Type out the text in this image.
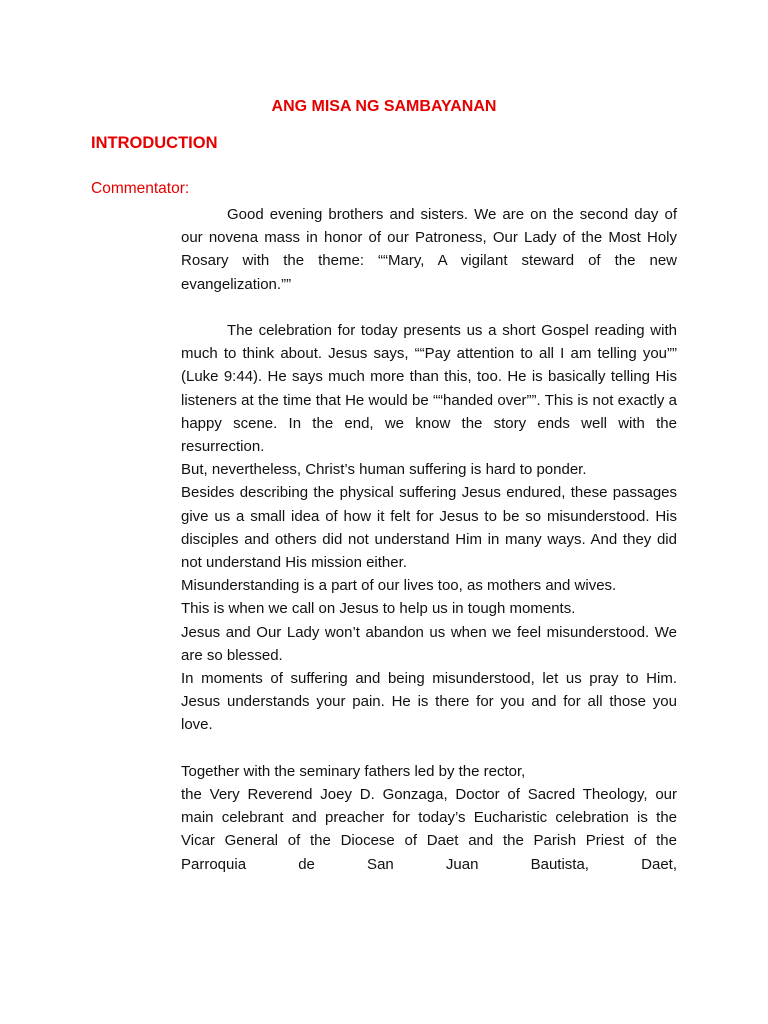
ANG MISA NG SAMBAYANAN
INTRODUCTION
Commentator:

Good evening brothers and sisters. We are on the second day of our novena mass in honor of our Patroness, Our Lady of the Most Holy Rosary with the theme: ““Mary, A vigilant steward of the new evangelization.””

The celebration for today presents us a short Gospel reading with much to think about. Jesus says, ““Pay attention to all I am telling you”” (Luke 9:44). He says much more than this, too. He is basically telling His listeners at the time that He would be ““handed over””. This is not exactly a happy scene. In the end, we know the story ends well with the resurrection.

But, nevertheless, Christ’s human suffering is hard to ponder.

Besides describing the physical suffering Jesus endured, these passages give us a small idea of how it felt for Jesus to be so misunderstood. His disciples and others did not understand Him in many ways. And they did not understand His mission either.

Misunderstanding is a part of our lives too, as mothers and wives.

This is when we call on Jesus to help us in tough moments.

Jesus and Our Lady won’t abandon us when we feel misunderstood. We are so blessed.

In moments of suffering and being misunderstood, let us pray to Him. Jesus understands your pain. He is there for you and for all those you love.

Together with the seminary fathers led by the rector,

the Very Reverend Joey D. Gonzaga, Doctor of Sacred Theology, our main celebrant and preacher for today’s Eucharistic celebration is the Vicar General of the Diocese of Daet and the Parish Priest of the Parroquia de San Juan Bautista, Daet,
